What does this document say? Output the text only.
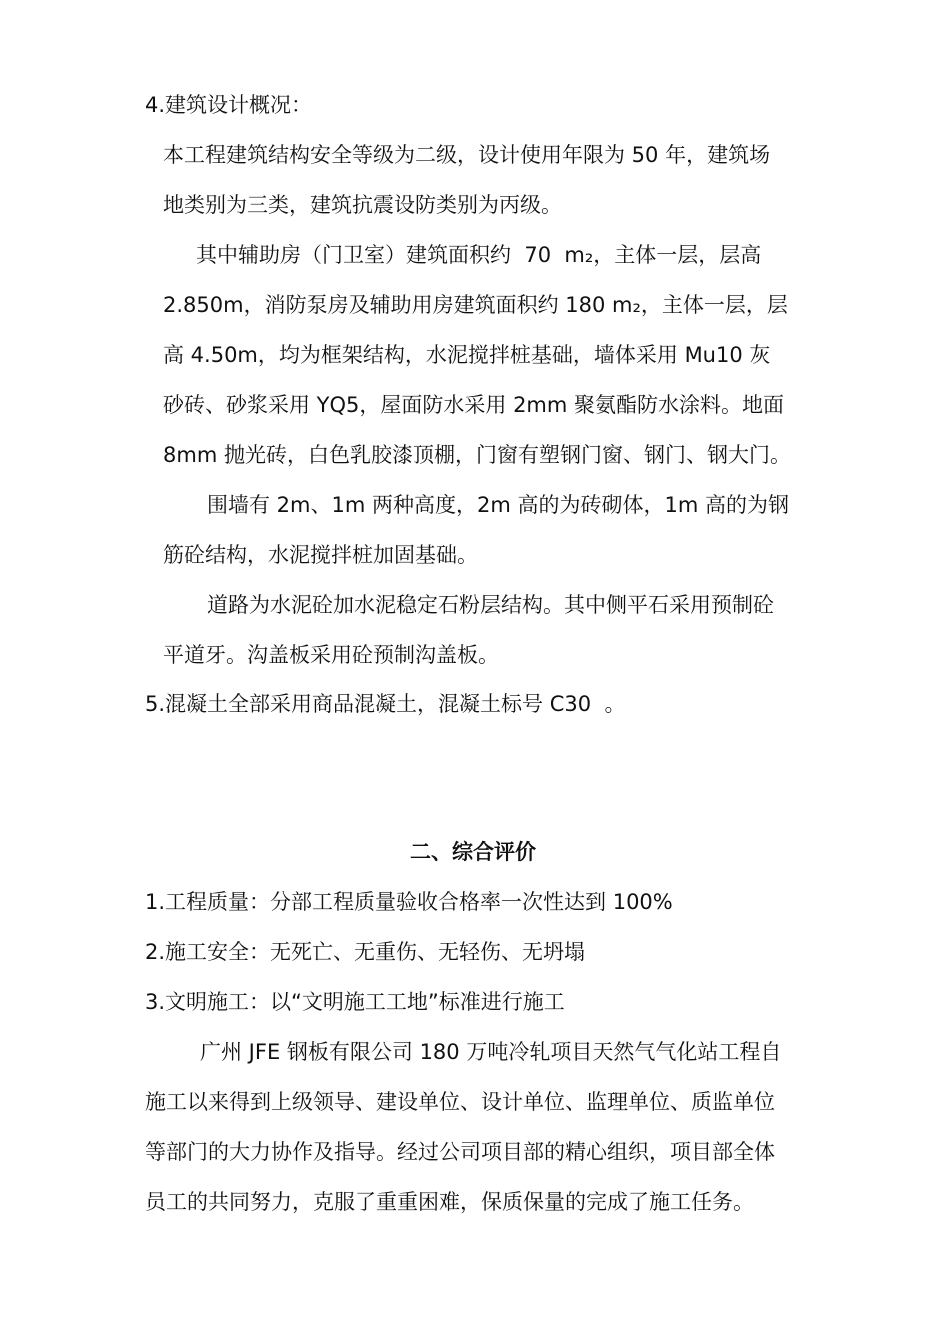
4.建筑设计概况：
本工程建筑结构安全等级为二级，设计使用年限为 50 年，建筑场
地类别为三类，建筑抗震设防类别为丙级。
其中辅助房（门卫室）建筑面积约  70  m₂，主体一层，层高
2.850m，消防泵房及辅助用房建筑面积约 180 m₂，主体一层，层
高 4.50m，均为框架结构，水泥搅拌桩基础，墙体采用 Mu10 灰
砂砖、砂浆采用 YQ5，屋面防水采用 2mm 聚氨酯防水涂料。地面
8mm 抛光砖，白色乳胶漆顶棚，门窗有塑钢门窗、钢门、钢大门。
围墙有 2m、1m 两种高度，2m 高的为砖砌体，1m 高的为钢
筋砼结构，水泥搅拌桩加固基础。
道路为水泥砼加水泥稳定石粉层结构。其中侧平石采用预制砼
平道牙。沟盖板采用砼预制沟盖板。
5.混凝土全部采用商品混凝土，混凝土标号 C30  。
二、综合评价
1.工程质量：分部工程质量验收合格率一次性达到 100%
2.施工安全：无死亡、无重伤、无轻伤、无坍塌
3.文明施工：以“文明施工工地”标准进行施工
广州 JFE 钢板有限公司 180 万吨冷轧项目天然气气化站工程自
施工以来得到上级领导、建设单位、设计单位、监理单位、质监单位
等部门的大力协作及指导。经过公司项目部的精心组织，项目部全体
员工的共同努力，克服了重重困难，保质保量的完成了施工任务。
